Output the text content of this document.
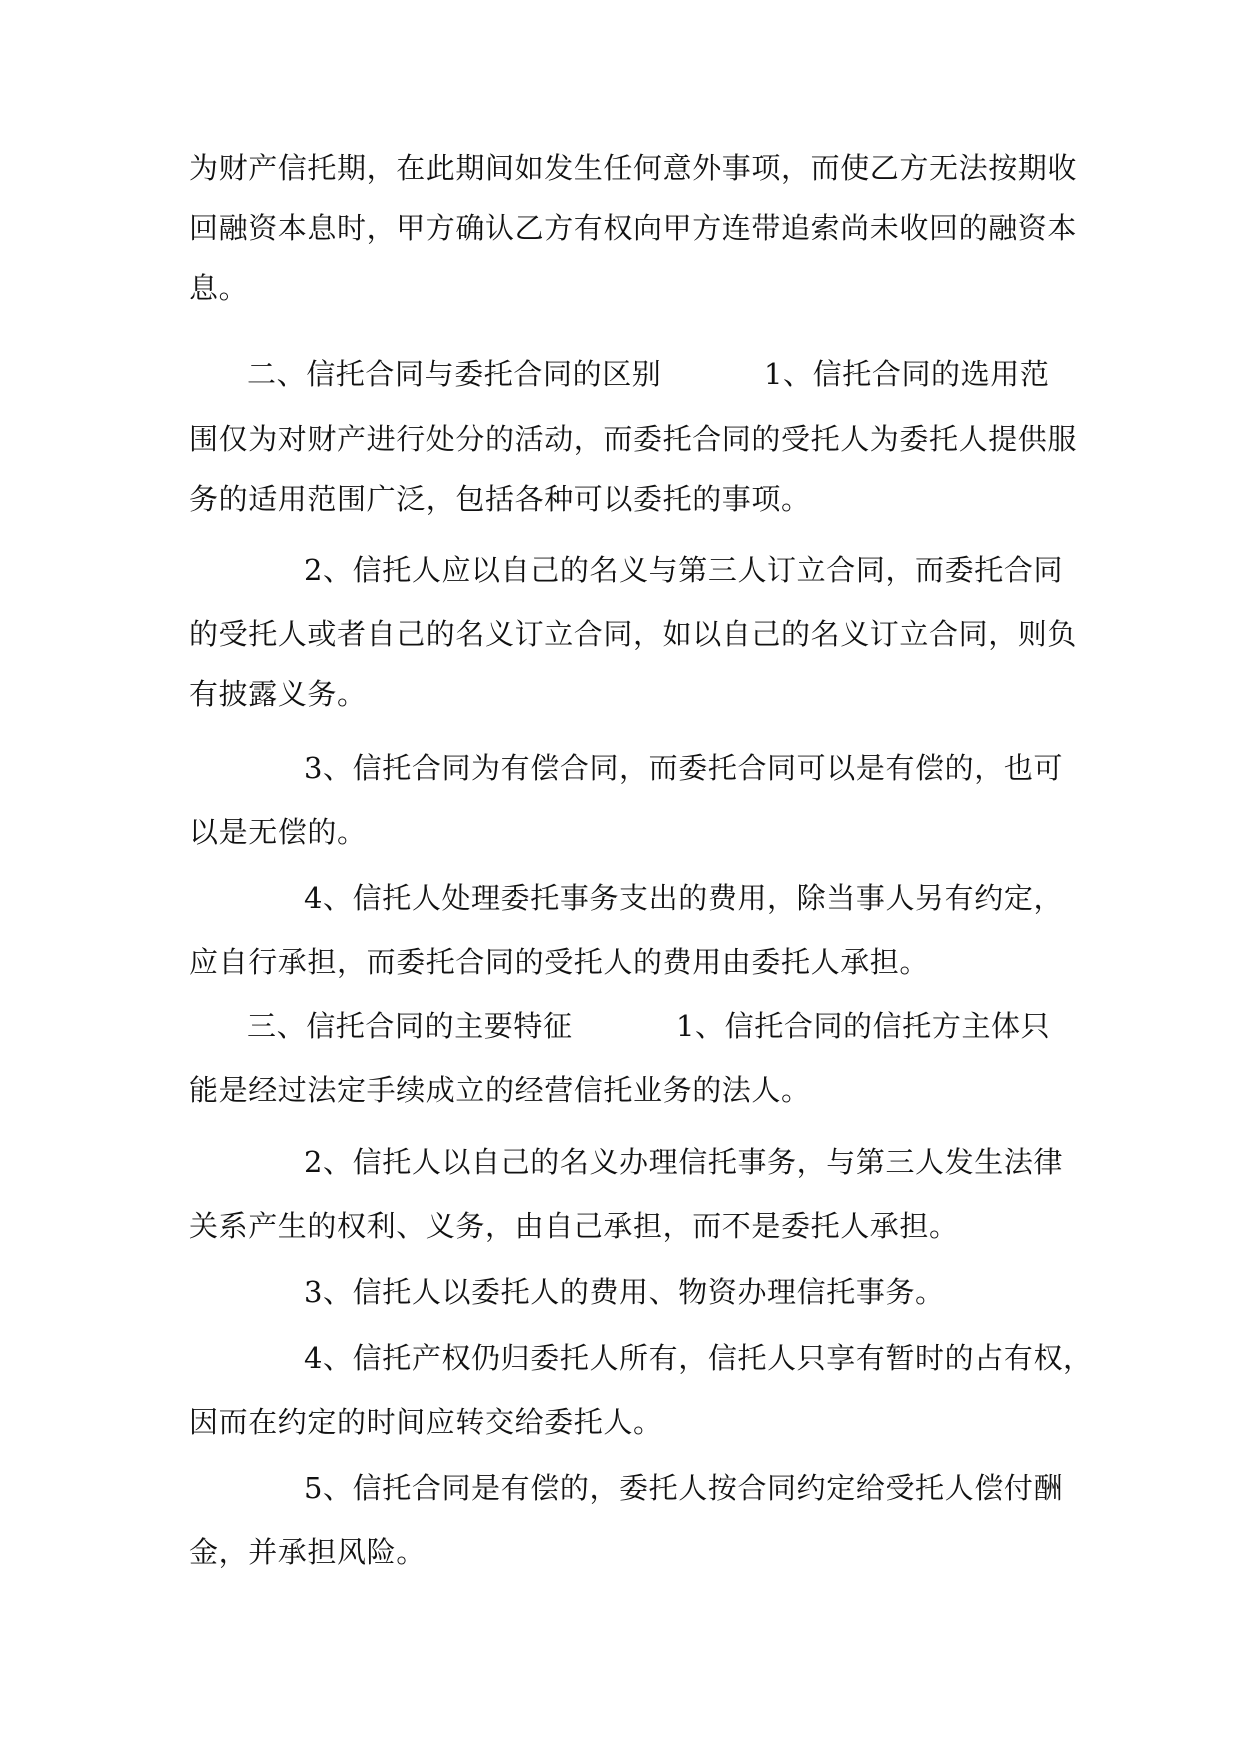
为财产信托期，在此期间如发生任何意外事项，而使乙方无法按期收
回融资本息时，甲方确认乙方有权向甲方连带追索尚未收回的融资本
息。
二、信托合同与委托合同的区别	1、信托合同的选用范
围仅为对财产进行处分的活动，而委托合同的受托人为委托人提供服
务的适用范围广泛，包括各种可以委托的事项。
2、信托人应以自己的名义与第三人订立合同，而委托合同
的受托人或者自己的名义订立合同，如以自己的名义订立合同，则负
有披露义务。
3、信托合同为有偿合同，而委托合同可以是有偿的，也可
以是无偿的。
4、信托人处理委托事务支出的费用，除当事人另有约定，
应自行承担，而委托合同的受托人的费用由委托人承担。
三、信托合同的主要特征	1、信托合同的信托方主体只
能是经过法定手续成立的经营信托业务的法人。
2、信托人以自己的名义办理信托事务，与第三人发生法律
关系产生的权利、义务，由自己承担，而不是委托人承担。
3、信托人以委托人的费用、物资办理信托事务。
4、信托产权仍归委托人所有，信托人只享有暂时的占有权，
因而在约定的时间应转交给委托人。
5、信托合同是有偿的，委托人按合同约定给受托人偿付酬
金，并承担风险。
